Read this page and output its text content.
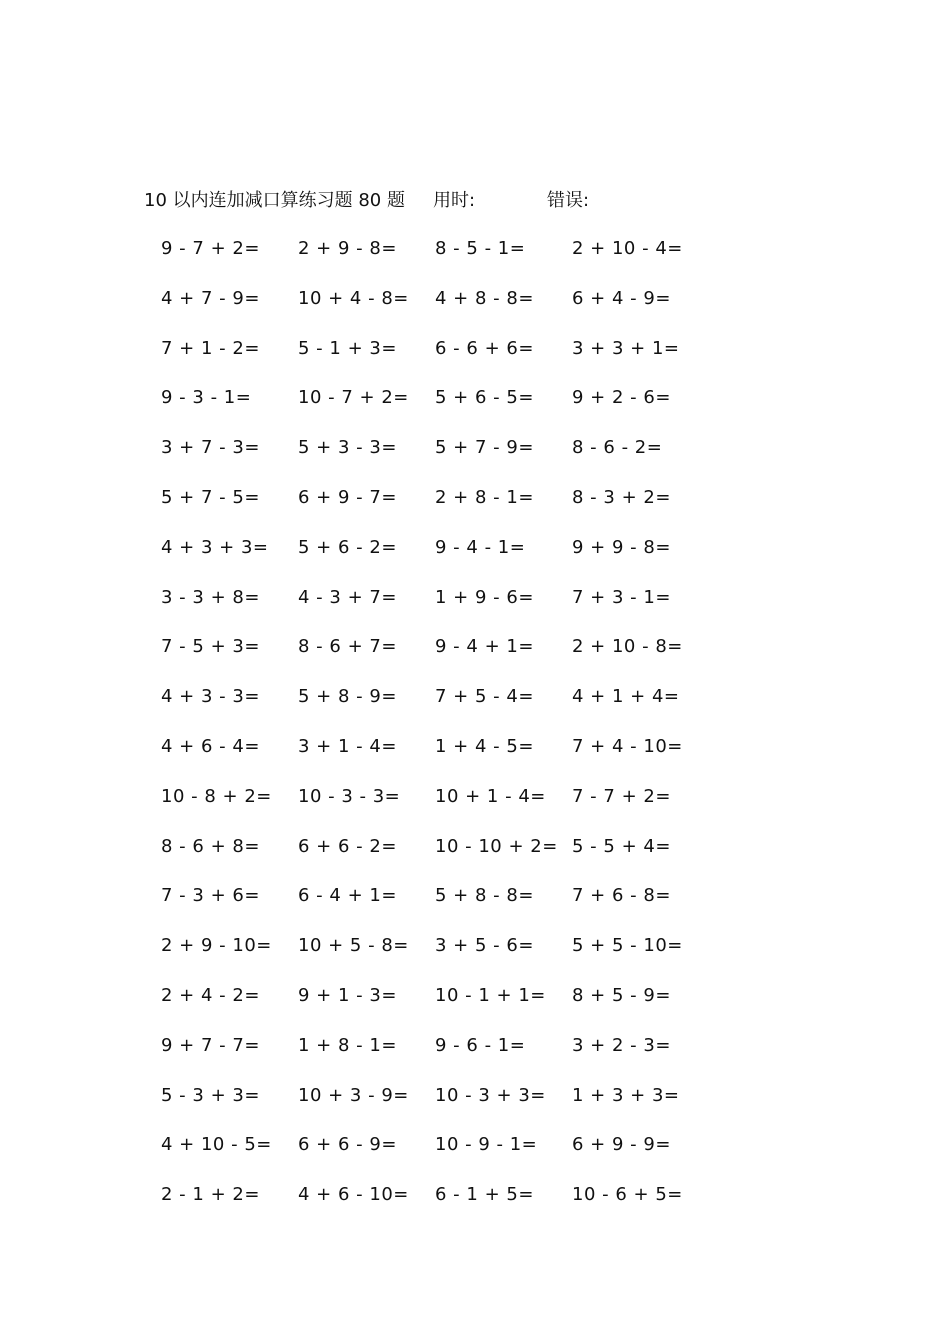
10 以内连加减口算练习题 80 题 用时:	错误:
9 - 7 + 2= 2 + 9 - 8= 8 - 5 - 1=	2 + 10 - 4=
4 + 7 - 9= 10 + 4 - 8= 4 + 8 - 8= 6 + 4 - 9=
7 + 1 - 2= 5 - 1 + 3= 6 - 6 + 6= 3 + 3 + 1=
9 - 3 - 1=	10 - 7 + 2= 5 + 6 - 5= 9 + 2 - 6=
3 + 7 - 3= 5 + 3 - 3= 5 + 7 - 9= 8 - 6 - 2=
5 + 7 - 5= 6 + 9 - 7= 2 + 8 - 1= 8 - 3 + 2=
4 + 3 + 3= 5 + 6 - 2= 9 - 4 - 1=	9 + 9 - 8=
3 - 3 + 8= 4 - 3 + 7= 1 + 9 - 6= 7 + 3 - 1=
7 - 5 + 3= 8 - 6 + 7= 9 - 4 + 1= 2 + 10 - 8=
4 + 3 - 3= 5 + 8 - 9= 7 + 5 - 4= 4 + 1 + 4=
4 + 6 - 4= 3 + 1 - 4= 1 + 4 - 5= 7 + 4 - 10=
10 - 8 + 2= 10 - 3 - 3= 10 + 1 - 4= 7 - 7 + 2=
8 - 6 + 8= 6 + 6 - 2= 10 - 10 + 2= 5 - 5 + 4=
7 - 3 + 6= 6 - 4 + 1= 5 + 8 - 8= 7 + 6 - 8=
2 + 9 - 10= 10 + 5 - 8= 3 + 5 - 6= 5 + 5 - 10=
2 + 4 - 2= 9 + 1 - 3= 10 - 1 + 1= 8 + 5 - 9=
9 + 7 - 7= 1 + 8 - 1= 9 - 6 - 1=	3 + 2 - 3=
5 - 3 + 3= 10 + 3 - 9= 10 - 3 + 3= 1 + 3 + 3=
4 + 10 - 5= 6 + 6 - 9= 10 - 9 - 1= 6 + 9 - 9=
2 - 1 + 2= 4 + 6 - 10= 6 - 1 + 5= 10 - 6 + 5=
